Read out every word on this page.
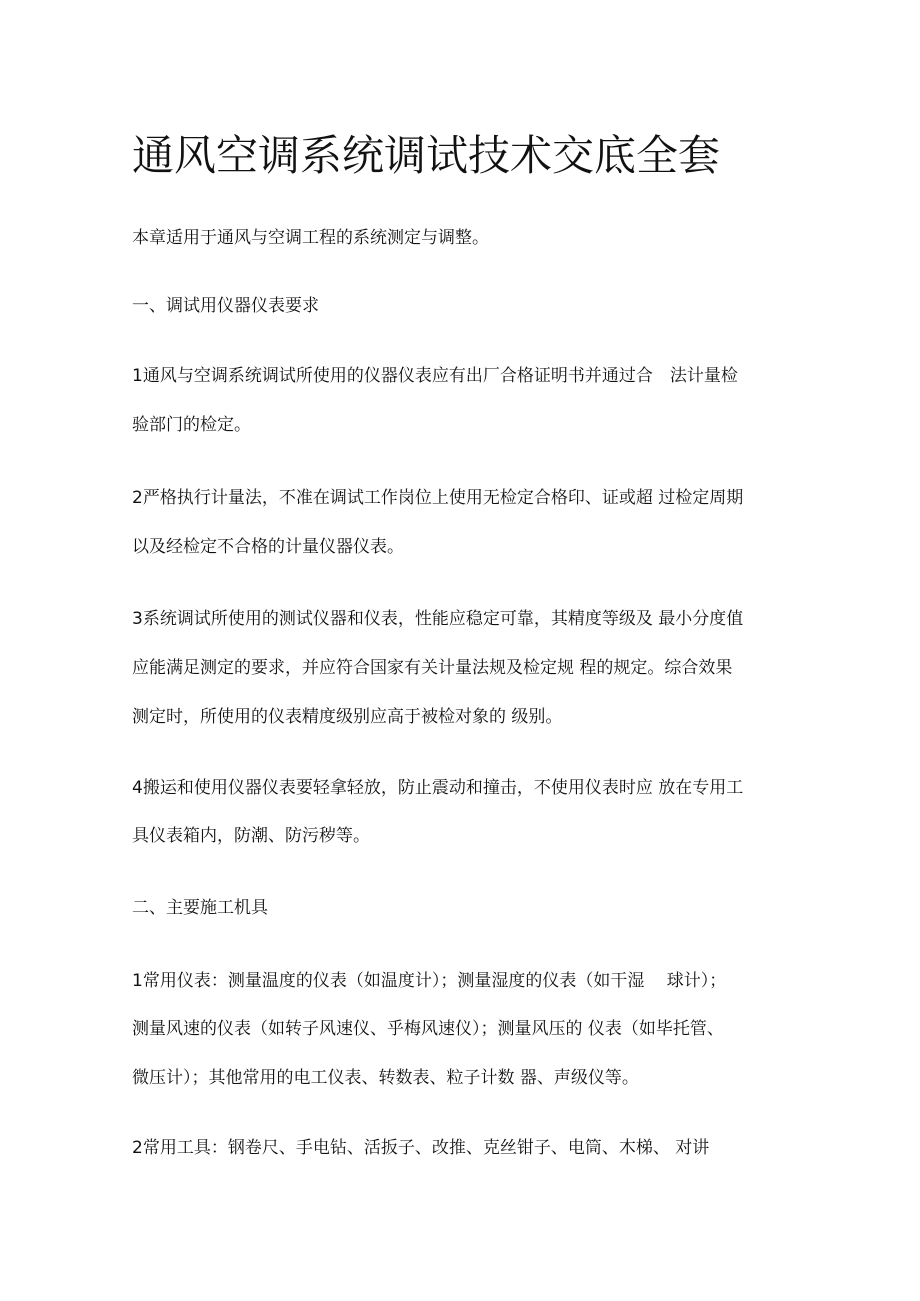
通风空调系统调试技术交底全套

本章适用于通风与空调工程的系统测定与调整。

一、调试用仪器仪表要求

1通风与空调系统调试所使用的仪器仪表应有出厂合格证明书并通过合　法计量检

验部门的检定。

2严格执行计量法，不准在调试工作岗位上使用无检定合格印、证或超 过检定周期

以及经检定不合格的计量仪器仪表。

3系统调试所使用的测试仪器和仪表，性能应稳定可靠，其精度等级及 最小分度值

应能满足测定的要求，并应符合国家有关计量法规及检定规 程的规定。综合效果

测定时，所使用的仪表精度级别应高于被检对象的 级别。

4搬运和使用仪器仪表要轻拿轻放，防止震动和撞击，不使用仪表时应 放在专用工

具仪表箱内，防潮、防污秽等。

二、主要施工机具

1常用仪表：测量温度的仪表（如温度计）；测量湿度的仪表（如干湿　 球计）；

测量风速的仪表（如转子风速仪、乎梅风速仪）；测量风压的 仪表（如毕托管、

微压计）；其他常用的电工仪表、转数表、粒子计数 器、声级仪等。

2常用工具：钢卷尺、手电钻、活扳子、改推、克丝钳子、电筒、木梯、 对讲
